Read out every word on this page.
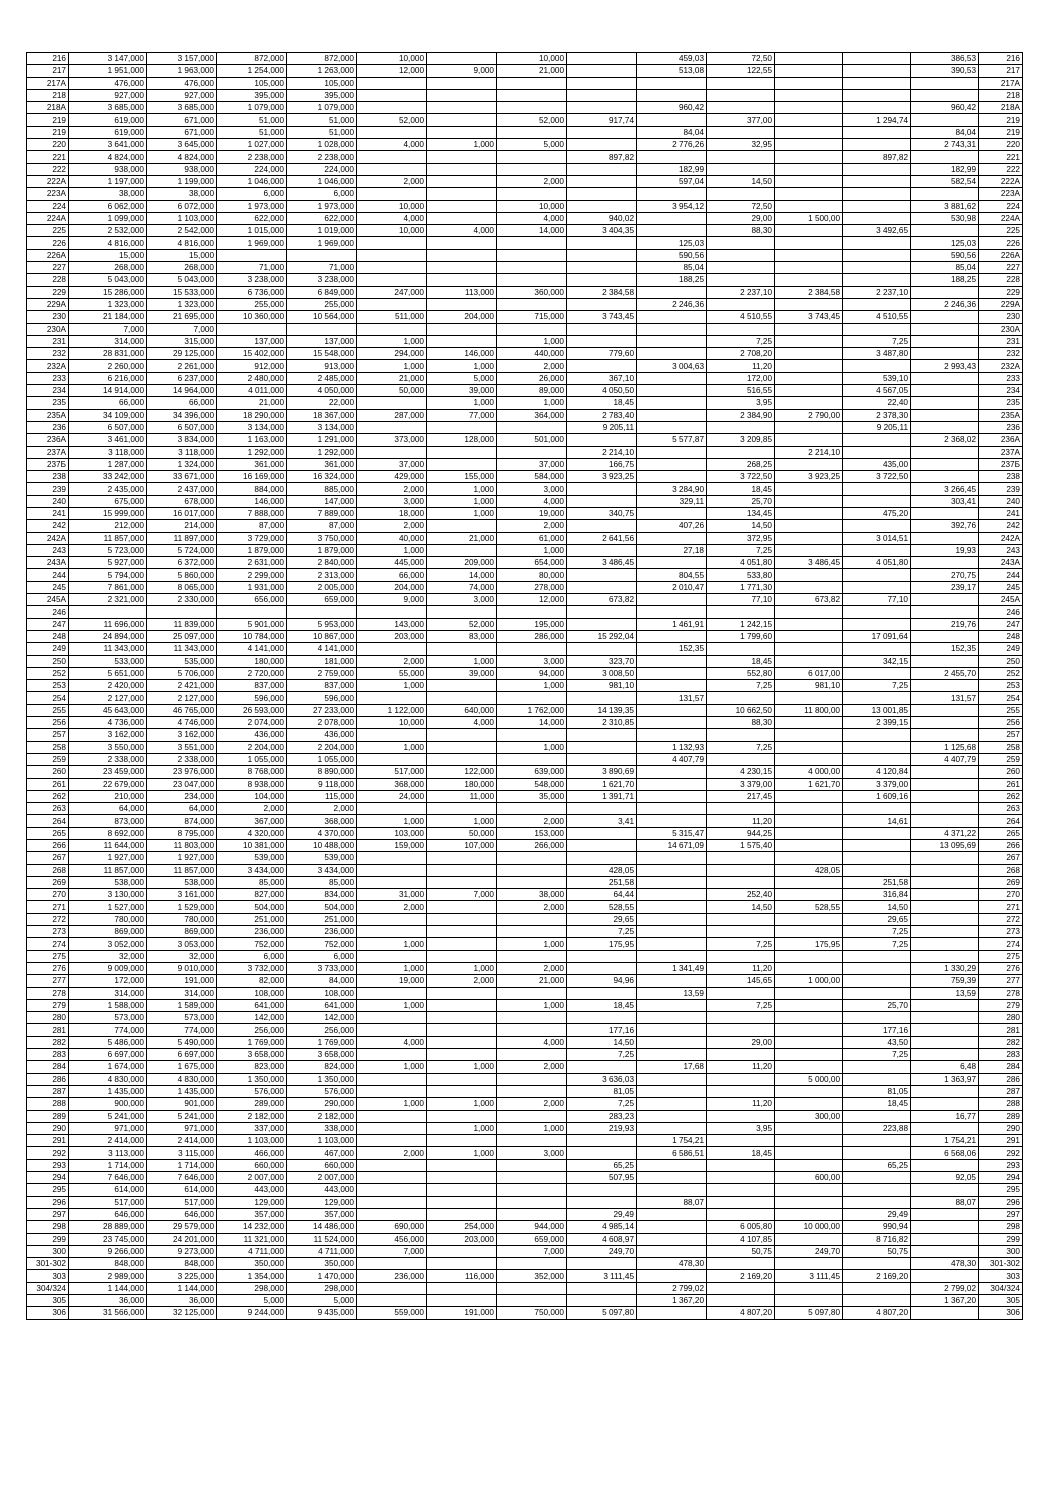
216	3 147,000	3 157,000	872,000	872,000	10,000		10,000		459,03	72,50			386,53	216
217	1 951,000	1 963,000	1 254,000	1 263,000	12,000	9,000	21,000		513,08	122,55			390,53	217
217A	476,000	476,000	105,000	105,000										217A
218	927,000	927,000	395,000	395,000										218
218A	3 685,000	3 685,000	1 079,000	1 079,000					960,42				960,42	218A
219	619,000	671,000	51,000	51,000	52,000		52,000	917,74		377,00		1 294,74		219
219	619,000	671,000	51,000	51,000					84,04				84,04	219
220	3 641,000	3 645,000	1 027,000	1 028,000	4,000	1,000	5,000		2 776,26	32,95			2 743,31	220
221	4 824,000	4 824,000	2 238,000	2 238,000				897,82				897,82		221
222	938,000	938,000	224,000	224,000					182,99				182,99	222
222A	1 197,000	1 199,000	1 046,000	1 046,000	2,000		2,000		597,04	14,50			582,54	222A
223A	38,000	38,000	6,000	6,000										223A
224	6 062,000	6 072,000	1 973,000	1 973,000	10,000		10,000		3 954,12	72,50			3 881,62	224
224A	1 099,000	1 103,000	622,000	622,000	4,000		4,000	940,02		29,00	1 500,00		530,98	224A
225	2 532,000	2 542,000	1 015,000	1 019,000	10,000	4,000	14,000	3 404,35		88,30		3 492,65		225
226	4 816,000	4 816,000	1 969,000	1 969,000					125,03				125,03	226
226A	15,000	15,000							590,56				590,56	226A
227	268,000	268,000	71,000	71,000					85,04				85,04	227
228	5 043,000	5 043,000	3 238,000	3 238,000					188,25				188,25	228
229	15 286,000	15 533,000	6 736,000	6 849,000	247,000	113,000	360,000	2 384,58		2 237,10	2 384,58	2 237,10		229
229A	1 323,000	1 323,000	255,000	255,000					2 246,36				2 246,36	229A
230	21 184,000	21 695,000	10 360,000	10 564,000	511,000	204,000	715,000	3 743,45		4 510,55	3 743,45	4 510,55		230
230A	7,000	7,000												230A
231	314,000	315,000	137,000	137,000	1,000		1,000			7,25		7,25		231
232	28 831,000	29 125,000	15 402,000	15 548,000	294,000	146,000	440,000	779,60		2 708,20		3 487,80		232
232A	2 260,000	2 261,000	912,000	913,000	1,000	1,000	2,000		3 004,63	11,20			2 993,43	232A
233	6 216,000	6 237,000	2 480,000	2 485,000	21,000	5,000	26,000	367,10		172,00		539,10		233
234	14 914,000	14 964,000	4 011,000	4 050,000	50,000	39,000	89,000	4 050,50		516,55		4 567,05		234
235	66,000	66,000	21,000	22,000		1,000	1,000	18,45		3,95		22,40		235
235A	34 109,000	34 396,000	18 290,000	18 367,000	287,000	77,000	364,000	2 783,40		2 384,90	2 790,00	2 378,30		235A
236	6 507,000	6 507,000	3 134,000	3 134,000				9 205,11				9 205,11		236
236A	3 461,000	3 834,000	1 163,000	1 291,000	373,000	128,000	501,000		5 577,87	3 209,85			2 368,02	236A
237A	3 118,000	3 118,000	1 292,000	1 292,000				2 214,10			2 214,10			237A
237Б	1 287,000	1 324,000	361,000	361,000	37,000		37,000	166,75		268,25		435,00		237Б
238	33 242,000	33 671,000	16 169,000	16 324,000	429,000	155,000	584,000	3 923,25		3 722,50	3 923,25	3 722,50		238
239	2 435,000	2 437,000	884,000	885,000	2,000	1,000	3,000		3 284,90	18,45			3 266,45	239
240	675,000	678,000	146,000	147,000	3,000	1,000	4,000		329,11	25,70			303,41	240
241	15 999,000	16 017,000	7 888,000	7 889,000	18,000	1,000	19,000	340,75		134,45		475,20		241
242	212,000	214,000	87,000	87,000	2,000		2,000		407,26	14,50			392,76	242
242A	11 857,000	11 897,000	3 729,000	3 750,000	40,000	21,000	61,000	2 641,56		372,95		3 014,51		242A
243	5 723,000	5 724,000	1 879,000	1 879,000	1,000		1,000		27,18	7,25			19,93	243
243A	5 927,000	6 372,000	2 631,000	2 840,000	445,000	209,000	654,000	3 486,45		4 051,80	3 486,45	4 051,80		243A
244	5 794,000	5 860,000	2 299,000	2 313,000	66,000	14,000	80,000		804,55	533,80			270,75	244
245	7 861,000	8 065,000	1 931,000	2 005,000	204,000	74,000	278,000		2 010,47	1 771,30			239,17	245
245A	2 321,000	2 330,000	656,000	659,000	9,000	3,000	12,000	673,82		77,10	673,82	77,10		245A
246														246
247	11 696,000	11 839,000	5 901,000	5 953,000	143,000	52,000	195,000		1 461,91	1 242,15			219,76	247
248	24 894,000	25 097,000	10 784,000	10 867,000	203,000	83,000	286,000	15 292,04		1 799,60		17 091,64		248
249	11 343,000	11 343,000	4 141,000	4 141,000					152,35				152,35	249
250	533,000	535,000	180,000	181,000	2,000	1,000	3,000	323,70		18,45		342,15		250
252	5 651,000	5 706,000	2 720,000	2 759,000	55,000	39,000	94,000	3 008,50		552,80	6 017,00		2 455,70	252
253	2 420,000	2 421,000	837,000	837,000	1,000		1,000	981,10		7,25	981,10	7,25		253
254	2 127,000	2 127,000	596,000	596,000					131,57				131,57	254
255	45 643,000	46 765,000	26 593,000	27 233,000	1 122,000	640,000	1 762,000	14 139,35		10 662,50	11 800,00	13 001,85		255
256	4 736,000	4 746,000	2 074,000	2 078,000	10,000	4,000	14,000	2 310,85		88,30		2 399,15		256
257	3 162,000	3 162,000	436,000	436,000										257
258	3 550,000	3 551,000	2 204,000	2 204,000	1,000		1,000		1 132,93	7,25			1 125,68	258
259	2 338,000	2 338,000	1 055,000	1 055,000					4 407,79				4 407,79	259
260	23 459,000	23 976,000	8 768,000	8 890,000	517,000	122,000	639,000	3 890,69		4 230,15	4 000,00	4 120,84		260
261	22 679,000	23 047,000	8 938,000	9 118,000	368,000	180,000	548,000	1 621,70		3 379,00	1 621,70	3 379,00		261
262	210,000	234,000	104,000	115,000	24,000	11,000	35,000	1 391,71		217,45		1 609,16		262
263	64,000	64,000	2,000	2,000										263
264	873,000	874,000	367,000	368,000	1,000	1,000	2,000	3,41		11,20		14,61		264
265	8 692,000	8 795,000	4 320,000	4 370,000	103,000	50,000	153,000		5 315,47	944,25			4 371,22	265
266	11 644,000	11 803,000	10 381,000	10 488,000	159,000	107,000	266,000		14 671,09	1 575,40			13 095,69	266
267	1 927,000	1 927,000	539,000	539,000										267
268	11 857,000	11 857,000	3 434,000	3 434,000				428,05			428,05			268
269	538,000	538,000	85,000	85,000				251,58				251,58		269
270	3 130,000	3 161,000	827,000	834,000	31,000	7,000	38,000	64,44		252,40		316,84		270
271	1 527,000	1 529,000	504,000	504,000	2,000		2,000	528,55		14,50	528,55	14,50		271
272	780,000	780,000	251,000	251,000				29,65				29,65		272
273	869,000	869,000	236,000	236,000				7,25				7,25		273
274	3 052,000	3 053,000	752,000	752,000	1,000		1,000	175,95		7,25	175,95	7,25		274
275	32,000	32,000	6,000	6,000										275
276	9 009,000	9 010,000	3 732,000	3 733,000	1,000	1,000	2,000		1 341,49	11,20			1 330,29	276
277	172,000	191,000	82,000	84,000	19,000	2,000	21,000	94,96		145,65	1 000,00		759,39	277
278	314,000	314,000	108,000	108,000					13,59				13,59	278
279	1 588,000	1 589,000	641,000	641,000	1,000		1,000	18,45		7,25		25,70		279
280	573,000	573,000	142,000	142,000										280
281	774,000	774,000	256,000	256,000				177,16				177,16		281
282	5 486,000	5 490,000	1 769,000	1 769,000	4,000		4,000	14,50		29,00		43,50		282
283	6 697,000	6 697,000	3 658,000	3 658,000				7,25				7,25		283
284	1 674,000	1 675,000	823,000	824,000	1,000	1,000	2,000		17,68	11,20			6,48	284
286	4 830,000	4 830,000	1 350,000	1 350,000				3 636,03			5 000,00		1 363,97	286
287	1 435,000	1 435,000	576,000	576,000				81,05				81,05		287
288	900,000	901,000	289,000	290,000	1,000	1,000	2,000	7,25		11,20		18,45		288
289	5 241,000	5 241,000	2 182,000	2 182,000				283,23			300,00		16,77	289
290	971,000	971,000	337,000	338,000		1,000	1,000	219,93		3,95		223,88		290
291	2 414,000	2 414,000	1 103,000	1 103,000					1 754,21				1 754,21	291
292	3 113,000	3 115,000	466,000	467,000	2,000	1,000	3,000		6 586,51	18,45			6 568,06	292
293	1 714,000	1 714,000	660,000	660,000				65,25				65,25		293
294	7 646,000	7 646,000	2 007,000	2 007,000				507,95			600,00		92,05	294
295	614,000	614,000	443,000	443,000										295
296	517,000	517,000	129,000	129,000					88,07				88,07	296
297	646,000	646,000	357,000	357,000				29,49				29,49		297
298	28 889,000	29 579,000	14 232,000	14 486,000	690,000	254,000	944,000	4 985,14		6 005,80	10 000,00	990,94		298
299	23 745,000	24 201,000	11 321,000	11 524,000	456,000	203,000	659,000	4 608,97		4 107,85		8 716,82		299
300	9 266,000	9 273,000	4 711,000	4 711,000	7,000		7,000	249,70		50,75	249,70	50,75		300
301-302	848,000	848,000	350,000	350,000					478,30				478,30	301-302
303	2 989,000	3 225,000	1 354,000	1 470,000	236,000	116,000	352,000	3 111,45		2 169,20	3 111,45	2 169,20		303
304/324	1 144,000	1 144,000	298,000	298,000					2 799,02				2 799,02	304/324
305	36,000	36,000	5,000	5,000					1 367,20				1 367,20	305
306	31 566,000	32 125,000	9 244,000	9 435,000	559,000	191,000	750,000	5 097,80		4 807,20	5 097,80	4 807,20		306
